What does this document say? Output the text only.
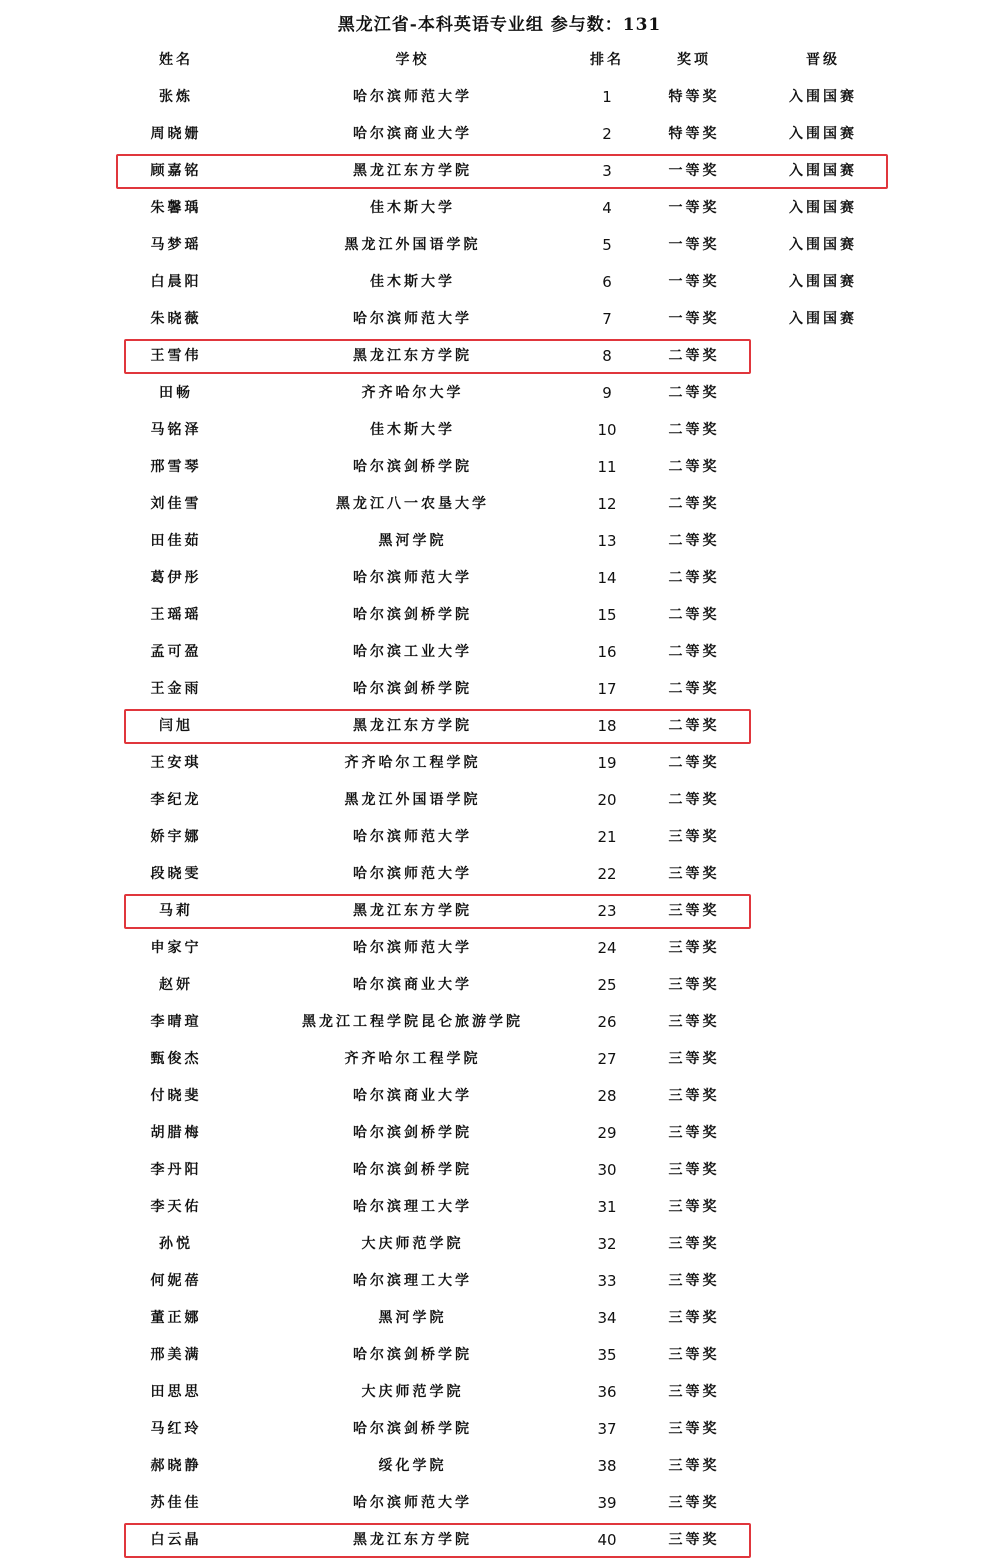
黑龙江省-本科英语专业组 参与数：131
姓名	学校	排名	奖项	晋级
张炼	哈尔滨师范大学	1	特等奖	入围国赛
周晓姗	哈尔滨商业大学	2	特等奖	入围国赛
顾嘉铭	黑龙江东方学院	3	一等奖	入围国赛
朱馨瑀	佳木斯大学	4	一等奖	入围国赛
马梦瑶	黑龙江外国语学院	5	一等奖	入围国赛
白晨阳	佳木斯大学	6	一等奖	入围国赛
朱晓薇	哈尔滨师范大学	7	一等奖	入围国赛
王雪伟	黑龙江东方学院	8	二等奖
田畅	齐齐哈尔大学	9	二等奖
马铭泽	佳木斯大学	10	二等奖
邢雪琴	哈尔滨剑桥学院	11	二等奖
刘佳雪	黑龙江八一农垦大学	12	二等奖
田佳茹	黑河学院	13	二等奖
葛伊彤	哈尔滨师范大学	14	二等奖
王瑶瑶	哈尔滨剑桥学院	15	二等奖
孟可盈	哈尔滨工业大学	16	二等奖
王金雨	哈尔滨剑桥学院	17	二等奖
闫旭	黑龙江东方学院	18	二等奖
王安琪	齐齐哈尔工程学院	19	二等奖
李纪龙	黑龙江外国语学院	20	二等奖
娇宇娜	哈尔滨师范大学	21	三等奖
段晓雯	哈尔滨师范大学	22	三等奖
马莉	黑龙江东方学院	23	三等奖
申家宁	哈尔滨师范大学	24	三等奖
赵妍	哈尔滨商业大学	25	三等奖
李晴瑄	黑龙江工程学院昆仑旅游学院	26	三等奖
甄俊杰	齐齐哈尔工程学院	27	三等奖
付晓斐	哈尔滨商业大学	28	三等奖
胡腊梅	哈尔滨剑桥学院	29	三等奖
李丹阳	哈尔滨剑桥学院	30	三等奖
李天佑	哈尔滨理工大学	31	三等奖
孙悦	大庆师范学院	32	三等奖
何妮蓓	哈尔滨理工大学	33	三等奖
董正娜	黑河学院	34	三等奖
邢美满	哈尔滨剑桥学院	35	三等奖
田思思	大庆师范学院	36	三等奖
马红玲	哈尔滨剑桥学院	37	三等奖
郝晓静	绥化学院	38	三等奖
苏佳佳	哈尔滨师范大学	39	三等奖
白云晶	黑龙江东方学院	40	三等奖
